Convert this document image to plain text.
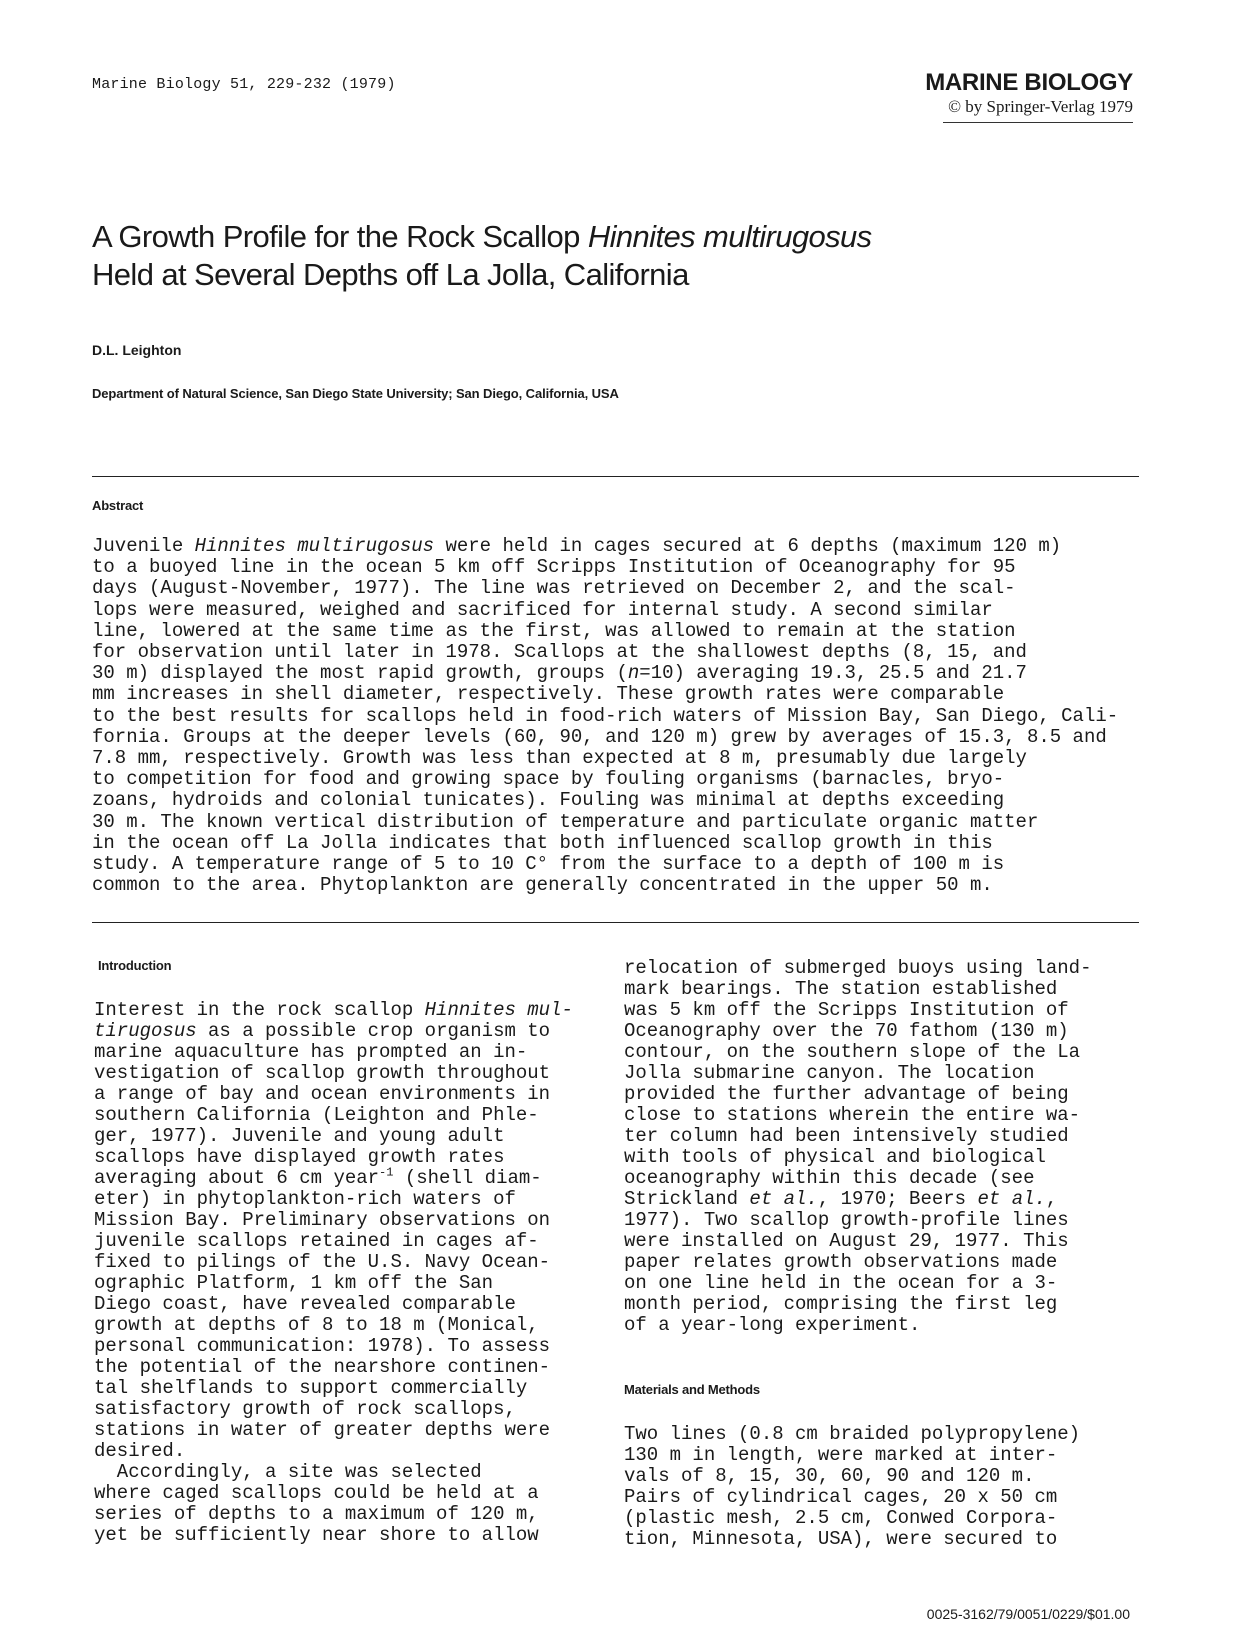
Marine Biology 51, 229-232 (1979)	MARINE BIOLOGY
© by Springer-Verlag 1979
A Growth Profile for the Rock Scallop Hinnites multirugosus
Held at Several Depths off La Jolla, California
D.L. Leighton
Department of Natural Science, San Diego State University; San Diego, California, USA
Abstract
Juvenile Hinnites multirugosus were held in cages secured at 6 depths (maximum 120 m)
to a buoyed line in the ocean 5 km off Scripps Institution of Oceanography for 95
days (August-November, 1977). The line was retrieved on December 2, and the scal-
lops were measured, weighed and sacrificed for internal study. A second similar
line, lowered at the same time as the first, was allowed to remain at the station
for observation until later in 1978. Scallops at the shallowest depths (8, 15, and
30 m) displayed the most rapid growth, groups (n=10) averaging 19.3, 25.5 and 21.7
mm increases in shell diameter, respectively. These growth rates were comparable
to the best results for scallops held in food-rich waters of Mission Bay, San Diego, Cali-
fornia. Groups at the deeper levels (60, 90, and 120 m) grew by averages of 15.3, 8.5 and
7.8 mm, respectively. Growth was less than expected at 8 m, presumably due largely
to competition for food and growing space by fouling organisms (barnacles, bryo-
zoans, hydroids and colonial tunicates). Fouling was minimal at depths exceeding
30 m. The known vertical distribution of temperature and particulate organic matter
in the ocean off La Jolla indicates that both influenced scallop growth in this
study. A temperature range of 5 to 10 C° from the surface to a depth of 100 m is
common to the area. Phytoplankton are generally concentrated in the upper 50 m.
Introduction
Interest in the rock scallop Hinnites mul-
tirugosus as a possible crop organism to
marine aquaculture has prompted an in-
vestigation of scallop growth throughout
a range of bay and ocean environments in
southern California (Leighton and Phle-
ger, 1977). Juvenile and young adult
scallops have displayed growth rates
averaging about 6 cm year$^{-1}$ (shell diam-
eter) in phytoplankton-rich waters of
Mission Bay. Preliminary observations on
juvenile scallops retained in cages af-
fixed to pilings of the U.S. Navy Ocean-
ographic Platform, 1 km off the San
Diego coast, have revealed comparable
growth at depths of 8 to 18 m (Monical,
personal communication: 1978). To assess
the potential of the nearshore continen-
tal shelflands to support commercially
satisfactory growth of rock scallops,
stations in water of greater depths were
desired.
Accordingly, a site was selected
where caged scallops could be held at a
series of depths to a maximum of 120 m,
yet be sufficiently near shore to allow
relocation of submerged buoys using land-
mark bearings. The station established
was 5 km off the Scripps Institution of
Oceanography over the 70 fathom (130 m)
contour, on the southern slope of the La
Jolla submarine canyon. The location
provided the further advantage of being
close to stations wherein the entire wa-
ter column had been intensively studied
with tools of physical and biological
oceanography within this decade (see
Strickland et al., 1970; Beers et al.,
1977). Two scallop growth-profile lines
were installed on August 29, 1977. This
paper relates growth observations made
on one line held in the ocean for a 3-
month period, comprising the first leg
of a year-long experiment.
Materials and Methods
Two lines (0.8 cm braided polypropylene)
130 m in length, were marked at inter-
vals of 8, 15, 30, 60, 90 and 120 m.
Pairs of cylindrical cages, 20 x 50 cm
(plastic mesh, 2.5 cm, Conwed Corpora-
tion, Minnesota, USA), were secured to
0025-3162/79/0051/0229/$01.00
